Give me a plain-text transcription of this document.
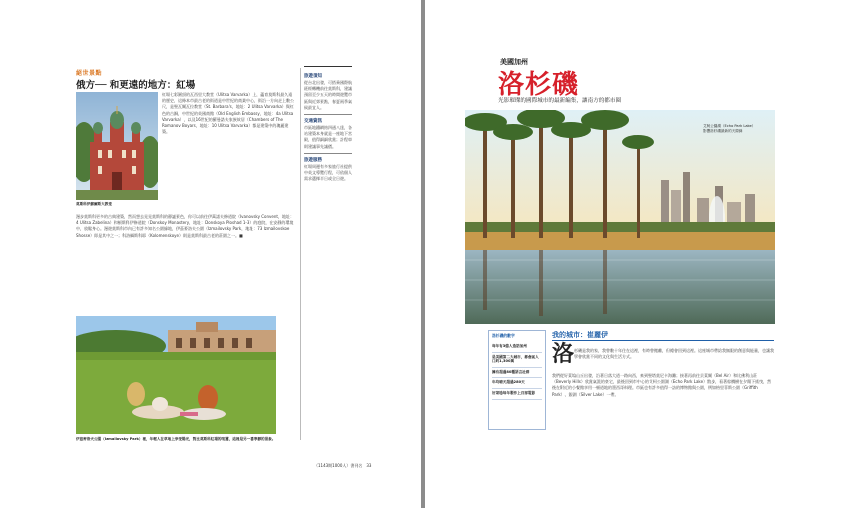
絕世景點
俄方── 和更遠的地方：紅場
莫斯科伊蘇爾斯大教堂
紅場七彩圓頂的瓦西里大教堂（Ulitsa Varvarka）上，蘊育莫斯科最久遠的歷史，這條本市最古老的街道是中世紀的商業中心，街沿一方向走上數公尺，是聖瓦爾瓦拉教堂（St. Barbara's，地址：2 Ulitsa Varvarka）與紅色的古銅，中世紀的英國商館（Old English Embassy，地址：4a Ulitsa Varvarka），以及16世紀的羅曼諾夫家族故居（Chambers of The Romanov Boyars，地址：10 Ulitsa Varvarka）都是建築中的瑰麗建築。
漫步莫斯科更多的古典建築，然而想去見見莫斯科的靜謐景色，你可以前往伊萬諾夫修道院（Ivanovsky Convent，地址：4 Ulitsa Zabelina）和頓斯科伊修道院（Donskoy Monastery，地址：Donskoya Ploshad 1-3）的庭院，在安靜的環境中，放鬆身心。漫遊莫斯科市內已有許多知名公園綠地，伊茲麥洛夫公園（Izmailovsky Park，地址：73 Izmailovskoe Shosse）即是其中之一；科洛緬斯科耶（Kolomenskoye）則是莫斯科最古老的莊園之一。■
伊茲麥洛夫公園（Izmailovsky Park）裡，年輕人在草地上享受陽光，對比莫斯科紅場的喧囂，這裡是另一番寧靜的景象。
旅遊須知
從台北出發，可搭乘國際航班經轉機前往莫斯科，建議預留至少五天的時間遊覽市區與近郊景點，春夏兩季氣候最宜人。
交通資訊
市區地鐵網絡四通八達，各站建築本身就是一座地下宮殿，值得細細欣賞；計程車則建議事先議價。
旅遊服務
紅場周邊有多家旅行社提供中英文導覽行程，可依個人需求選擇半日或全日遊。
（1143期1000人）書刊名　33
美國加州
洛杉磯
光影璀璨的國際城市的最新編集，讓南方的都市圈
艾柯公園湖（Echo Park Lake）
影響洛杉磯最新的天際線
洛杉磯的數字
每年有3億人造訪加州
是美國第二大城市，都會區人口約1,300萬
擁有超過80種語言社群
年均晴天超過280天
好萊塢每年製作上百部電影
我的城市：崔麗伊
洛 杉磯是我的家，我曾數十年住在這裡，有時曾搬離，但總會回到這裡。這座城市帶給我無限的創意與能量，也讓我學會欣賞不同的文化與生活方式。
我們從好萊塢山丘出發，沿著日落大道一路向西，來到聖塔莫尼卡海灘；接著再前往貝萊爾（Bel Air）和比佛利山莊（Beverly Hills）欣賞氣派的豪宅，最後回到市中心的艾柯公園湖（Echo Park Lake）散步，看著棕櫚樹在夕陽下搖曳，然後在附近的小餐館享用一頓道地的墨西哥料理。市區也有許多值得一訪的博物館與公園，例如格里菲斯公園（Griffith Park）、銀湖（Silver Lake）一帶。
